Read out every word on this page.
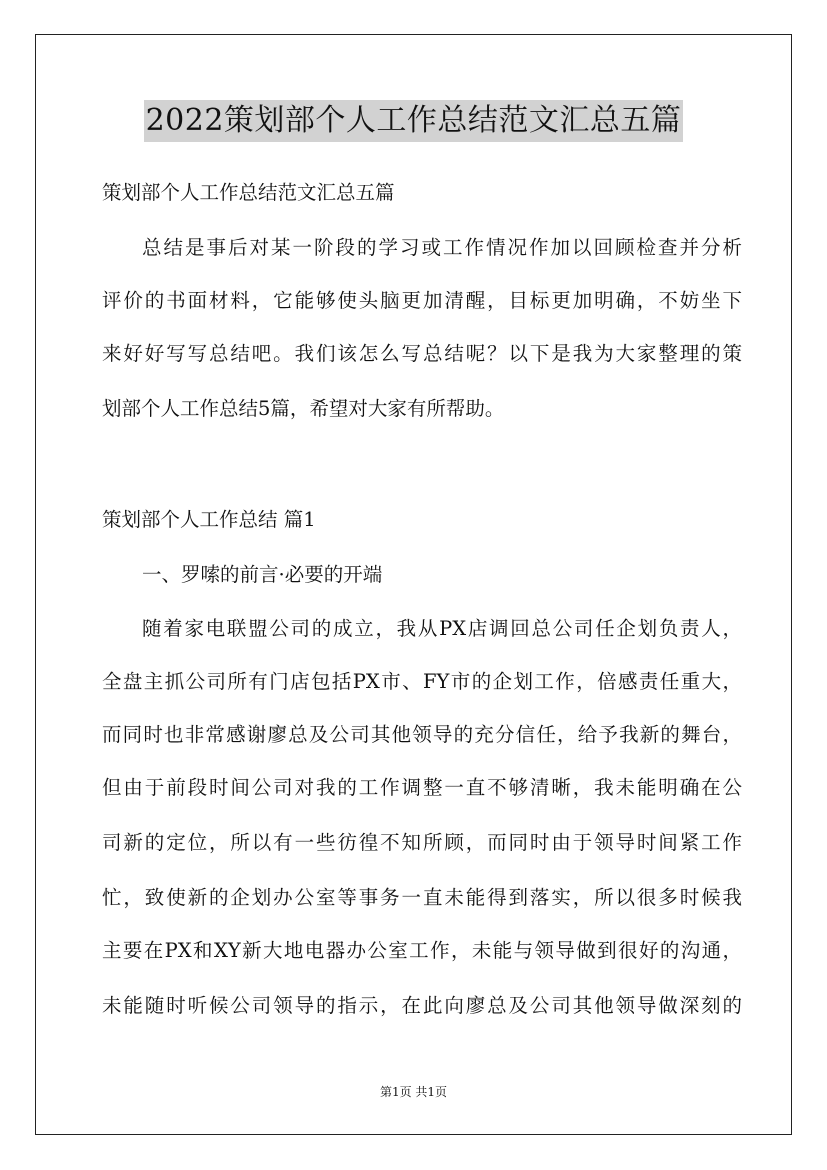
2022策划部个人工作总结范文汇总五篇
策划部个人工作总结范文汇总五篇
总结是事后对某一阶段的学习或工作情况作加以回顾检查并分析
评价的书面材料，它能够使头脑更加清醒，目标更加明确，不妨坐下
来好好写写总结吧。我们该怎么写总结呢？以下是我为大家整理的策
划部个人工作总结5篇，希望对大家有所帮助。
策划部个人工作总结 篇1
一、罗嗦的前言·必要的开端
随着家电联盟公司的成立，我从PX店调回总公司任企划负责人，
全盘主抓公司所有门店包括PX市、FY市的企划工作，倍感责任重大，
而同时也非常感谢廖总及公司其他领导的充分信任，给予我新的舞台，
但由于前段时间公司对我的工作调整一直不够清晰，我未能明确在公
司新的定位，所以有一些彷徨不知所顾，而同时由于领导时间紧工作
忙，致使新的企划办公室等事务一直未能得到落实，所以很多时候我
主要在PX和XY新大地电器办公室工作，未能与领导做到很好的沟通，
未能随时听候公司领导的指示，在此向廖总及公司其他领导做深刻的
第1页 共1页
